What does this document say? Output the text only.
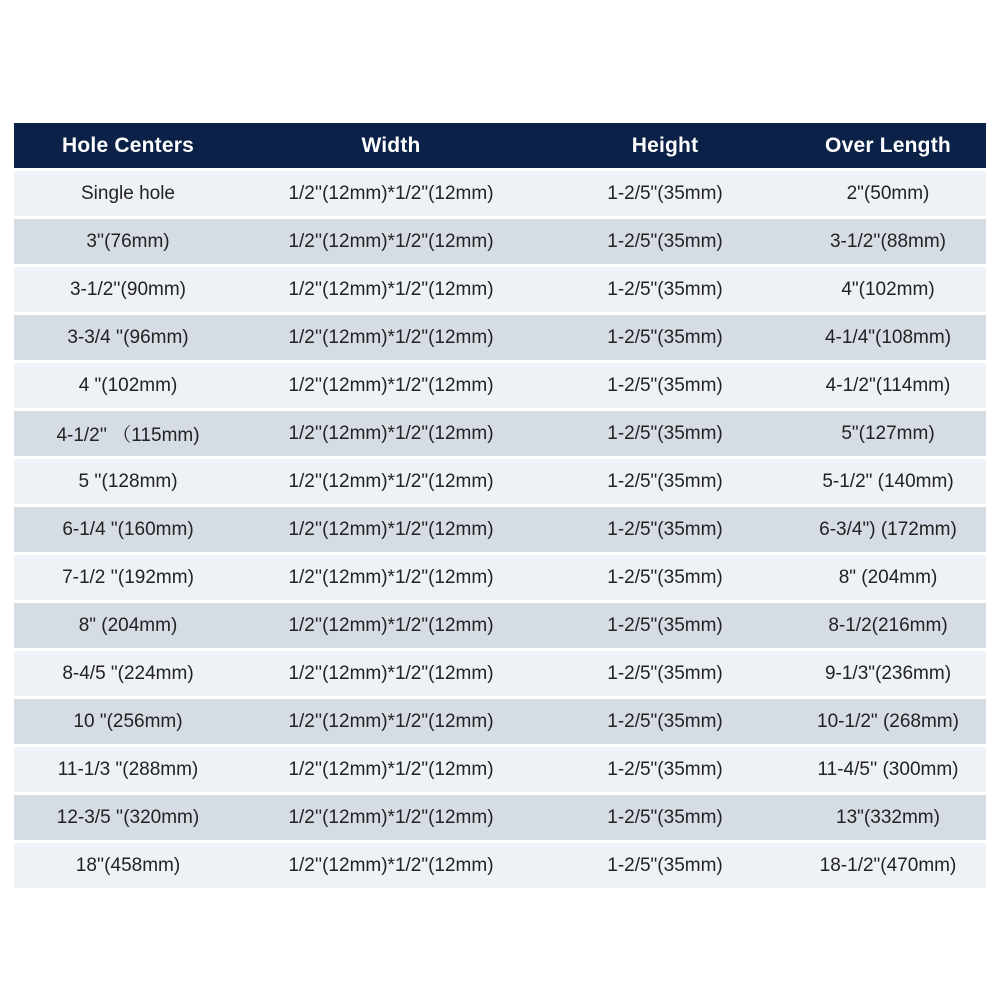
Hole Centers	Width	Height	Over Length
Single hole	1/2''(12mm)*1/2"(12mm)	1-2/5"(35mm)	2"(50mm)
3''(76mm)	1/2''(12mm)*1/2"(12mm)	1-2/5"(35mm)	3-1/2''(88mm)
3-1/2''(90mm)	1/2''(12mm)*1/2"(12mm)	1-2/5"(35mm)	4"(102mm)
3-3/4 ''(96mm)	1/2''(12mm)*1/2"(12mm)	1-2/5"(35mm)	4-1/4"(108mm)
4 "(102mm)	1/2''(12mm)*1/2"(12mm)	1-2/5"(35mm)	4-1/2"(114mm)
4-1/2'' （115mm)	1/2''(12mm)*1/2"(12mm)	1-2/5"(35mm)	5"(127mm)
5 ''(128mm)	1/2''(12mm)*1/2"(12mm)	1-2/5"(35mm)	5-1/2" (140mm)
6-1/4 "(160mm)	1/2''(12mm)*1/2"(12mm)	1-2/5"(35mm)	6-3/4") (172mm)
7-1/2 ''(192mm)	1/2''(12mm)*1/2"(12mm)	1-2/5"(35mm)	8" (204mm)
8" (204mm)	1/2''(12mm)*1/2"(12mm)	1-2/5"(35mm)	8-1/2(216mm)
8-4/5 "(224mm)	1/2''(12mm)*1/2"(12mm)	1-2/5"(35mm)	9-1/3"(236mm)
10 "(256mm)	1/2''(12mm)*1/2"(12mm)	1-2/5"(35mm)	10-1/2" (268mm)
11-1/3 "(288mm)	1/2''(12mm)*1/2"(12mm)	1-2/5"(35mm)	11-4/5'' (300mm)
12-3/5 ''(320mm)	1/2''(12mm)*1/2"(12mm)	1-2/5"(35mm)	13"(332mm)
18''(458mm)	1/2''(12mm)*1/2"(12mm)	1-2/5"(35mm)	18-1/2"(470mm)
